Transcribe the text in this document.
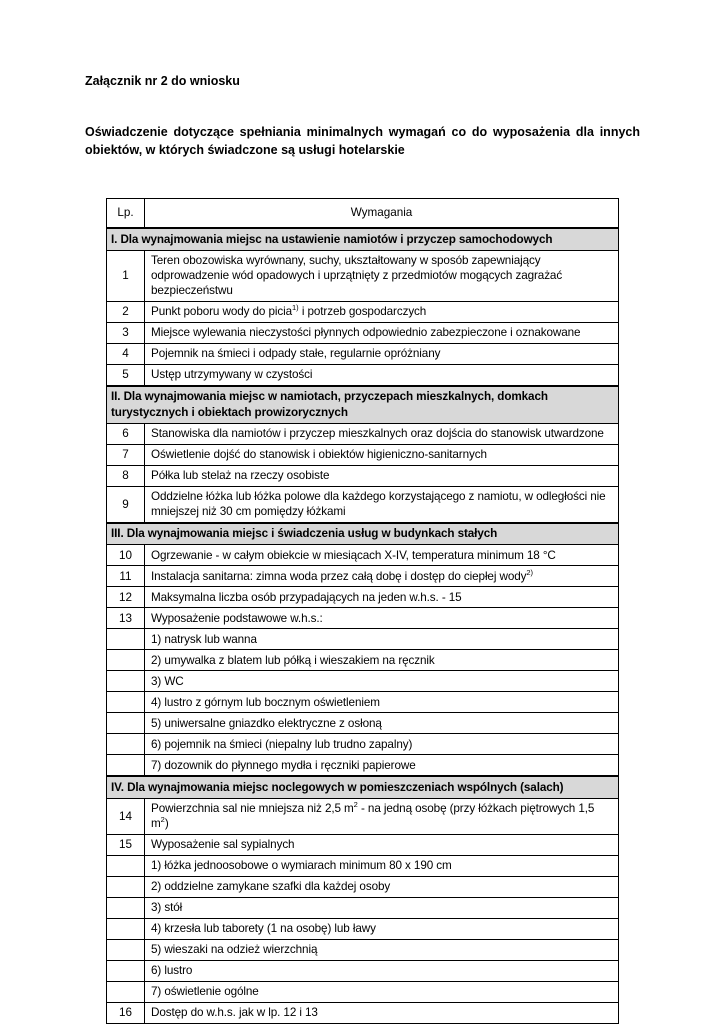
Załącznik nr 2 do wniosku

Oświadczenie dotyczące spełniania minimalnych wymagań co do wyposażenia dla innych obiektów, w których świadczone są usługi hotelarskie

Lp.	Wymagania
I. Dla wynajmowania miejsc na ustawienie namiotów i przyczep samochodowych	
1	Teren obozowiska wyrównany, suchy, ukształtowany w sposób zapewniający odprowadzenie wód opadowych i uprzątnięty z przedmiotów mogących zagrażać bezpieczeństwu
2	Punkt poboru wody do picia$^{1)}$ i potrzeb gospodarczych
3	Miejsce wylewania nieczystości płynnych odpowiednio zabezpieczone i oznakowane
4	Pojemnik na śmieci i odpady stałe, regularnie opróżniany
5	Ustęp utrzymywany w czystości
II. Dla wynajmowania miejsc w namiotach, przyczepach mieszkalnych, domkach turystycznych i obiektach prowizorycznych	
6	Stanowiska dla namiotów i przyczep mieszkalnych oraz dojścia do stanowisk utwardzone
7	Oświetlenie dojść do stanowisk i obiektów higieniczno-sanitarnych
8	Półka lub stelaż na rzeczy osobiste
9	Oddzielne łóżka lub łóżka polowe dla każdego korzystającego z namiotu, w odległości nie mniejszej niż 30 cm pomiędzy łóżkami
III. Dla wynajmowania miejsc i świadczenia usług w budynkach stałych	
10	Ogrzewanie - w całym obiekcie w miesiącach X-IV, temperatura minimum 18 °C
11	Instalacja sanitarna: zimna woda przez całą dobę i dostęp do ciepłej wody$^{2)}$
12	Maksymalna liczba osób przypadających na jeden w.h.s. - 15
13	Wyposażenie podstawowe w.h.s.:
	1) natrysk lub wanna
	2) umywalka z blatem lub półką i wieszakiem na ręcznik
	3) WC
	4) lustro z górnym lub bocznym oświetleniem
	5) uniwersalne gniazdko elektryczne z osłoną
	6) pojemnik na śmieci (niepalny lub trudno zapalny)
	7) dozownik do płynnego mydła i ręczniki papierowe
IV. Dla wynajmowania miejsc noclegowych w pomieszczeniach wspólnych (salach)	
14	Powierzchnia sal nie mniejsza niż 2,5 $m^2$ - na jedną osobę (przy łóżkach piętrowych 1,5 $m^2$)
15	Wyposażenie sal sypialnych
	1) łóżka jednoosobowe o wymiarach minimum 80 x 190 cm
	2) oddzielne zamykane szafki dla każdej osoby
	3) stół
	4) krzesła lub taborety (1 na osobę) lub ławy
	5) wieszaki na odzież wierzchnią
	6) lustro
	7) oświetlenie ogólne
16	Dostęp do w.h.s. jak w lp. 12 i 13
